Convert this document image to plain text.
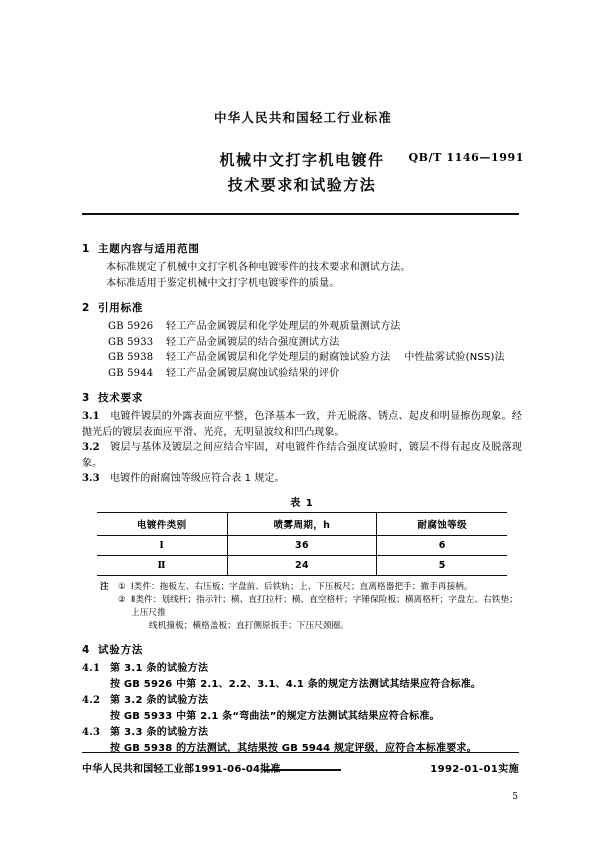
中华人民共和国轻工行业标准
机械中文打字机电镀件
技术要求和试验方法
QB/T 1146—1991
1 主题内容与适用范围

本标准规定了机械中文打字机各种电镀零件的技术要求和测试方法。

本标准适用于鉴定机械中文打字机电镀零件的质量。

2 引用标准

GB 5926 轻工产品金属镀层和化学处理层的外观质量测试方法

GB 5933 轻工产品金属镀层的结合强度测试方法

GB 5938 轻工产品金属镀层和化学处理层的耐腐蚀试验方法 中性盐雾试验(NSS)法

GB 5944 轻工产品金属镀层腐蚀试验结果的评价

3 技术要求

3.1 电镀件镀层的外露表面应平整，色泽基本一致，并无脱落、锈点、起皮和明显擦伤现象。经抛光后的镀层表面应平滑、光亮，无明显波纹和凹凸现象。

3.2 镀层与基体及镀层之间应结合牢固，对电镀件作结合强度试验时，镀层不得有起皮及脱落现象。

3.3 电镀件的耐腐蚀等级应符合表 1 规定。

表 1
电镀件类别	喷雾周期，h	耐腐蚀等级
Ⅰ	36	6
Ⅱ	24	5
注	① Ⅰ类件：拖板左、右压板；字盘前、后铁轨；上、下压板尺；直离格器把手；撤手再接柄。
② Ⅱ类件：划线杆；指示针；横、直打拉杆；横、直空格杆；字锤保险板；横离格杆；字盘左、右铁垫；上压尺推
线机撞板；横格盖板；直打侧原扳手；下压尺颈圈。
4 试验方法

4.1 第 3.1 条的试验方法

按 GB 5926 中第 2.1、2.2、3.1、4.1 条的规定方法测试其结果应符合标准。

4.2 第 3.2 条的试验方法

按 GB 5933 中第 2.1 条“弯曲法”的规定方法测试其结果应符合标准。

4.3 第 3.3 条的试验方法

按 GB 5938 的方法测试，其结果按 GB 5944 规定评级，应符合本标准要求。

中华人民共和国轻工业部1991-06-04批准	1992-01-01实施
5
